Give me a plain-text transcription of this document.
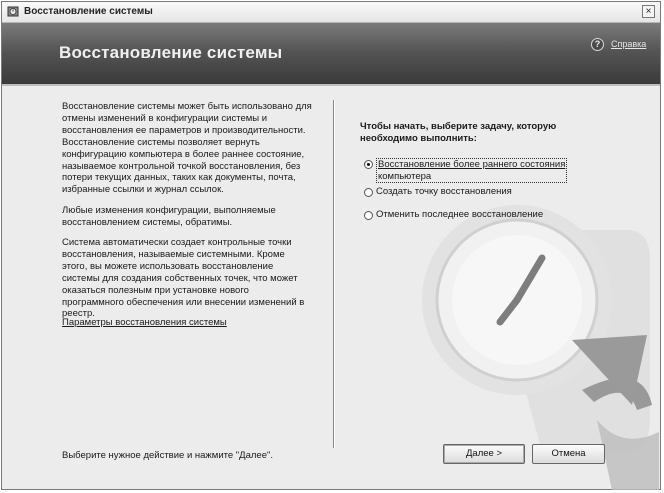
Восстановление системы	×
Восстановление системы	?	Справка
Восстановление системы может быть использовано для отмены изменений в конфигурации системы и восстановления ее параметров и производительности. Восстановление системы позволяет вернуть конфигурацию компьютера в более раннее состояние, называемое контрольной точкой восстановления, без потери текущих данных, таких как документы, почта, избранные ссылки и журнал ссылок.
Любые изменения конфигурации, выполняемые восстановлением системы, обратимы.
Система автоматически создает контрольные точки восстановления, называемые системными. Кроме этого, вы можете использовать восстановление системы для создания собственных точек, что может оказаться полезным при установке нового программного обеспечения или внесении изменений в реестр.
Параметры восстановления системы
Выберите нужное действие и нажмите "Далее".
Чтобы начать, выберите задачу, которую необходимо выполнить:
Восстановление более раннего состояния
компьютера
Создать точку восстановления
Отменить последнее восстановление
Далее >	Отмена
